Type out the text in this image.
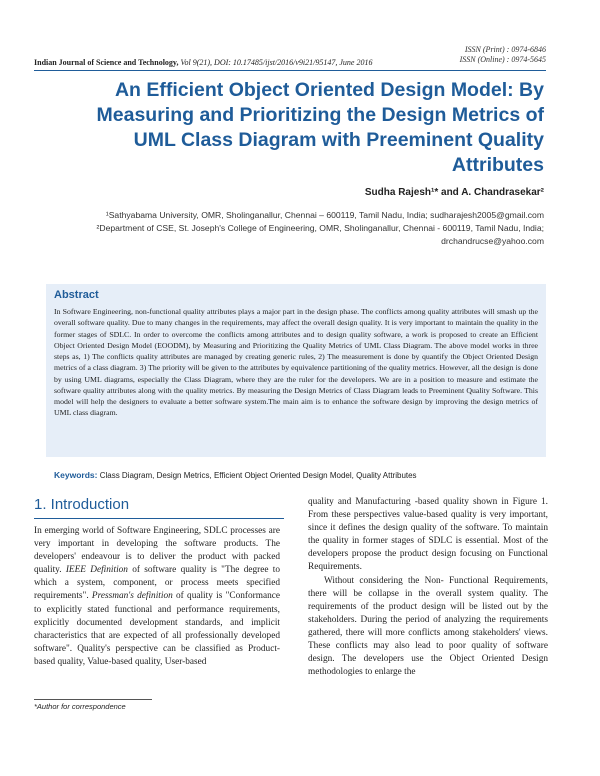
ISSN (Print) : 0974-6846
ISSN (Online) : 0974-5645
Indian Journal of Science and Technology, Vol 9(21), DOI: 10.17485/ijst/2016/v9i21/95147, June 2016
An Efficient Object Oriented Design Model: By Measuring and Prioritizing the Design Metrics of UML Class Diagram with Preeminent Quality Attributes
Sudha Rajesh¹* and A. Chandrasekar²
¹Sathyabama University, OMR, Sholinganallur, Chennai – 600119, Tamil Nadu, India; sudharajesh2005@gmail.com
²Department of CSE, St. Joseph's College of Engineering, OMR, Sholinganallur, Chennai - 600119, Tamil Nadu, India;
drchandrucse@yahoo.com
Abstract
In Software Engineering, non-functional quality attributes plays a major part in the design phase. The conflicts among quality attributes will smash up the overall software quality. Due to many changes in the requirements, may affect the overall design quality. It is very important to maintain the quality in the former stages of SDLC. In order to overcome the conflicts among attributes and to design quality software, a work is proposed to create an Efficient Object Oriented Design Model (EOODM), by Measuring and Prioritizing the Quality Metrics of UML Class Diagram. The above model works in three steps as, 1) The conflicts quality attributes are managed by creating generic rules, 2) The measurement is done by quantify the Object Oriented Design metrics of a class diagram. 3) The priority will be given to the attributes by equivalence partitioning of the quality metrics. However, all the design is done by using UML diagrams, especially the Class Diagram, where they are the ruler for the developers. We are in a position to measure and estimate the software quality attributes along with the quality metrics. By measuring the Design Metrics of Class Diagram leads to Preeminent Quality Software. This model will help the designers to evaluate a better software system.The main aim is to enhance the software design by improving the design metrics of UML class diagram.
Keywords: Class Diagram, Design Metrics, Efficient Object Oriented Design Model, Quality Attributes
1. Introduction

In emerging world of Software Engineering, SDLC processes are very important in developing the software products. The developers' endeavour is to deliver the product with packed quality. IEEE Definition of software quality is "The degree to which a system, component, or process meets specified requirements". Pressman's definition of quality is "Conformance to explicitly stated functional and performance requirements, explicitly documented development standards, and implicit characteristics that are expected of all professionally developed software". Quality's perspective can be classified as Product-based quality, Value-based quality, User-based

quality and Manufacturing -based quality shown in Figure 1. From these perspectives value-based quality is very important, since it defines the design quality of the software. To maintain the quality in former stages of SDLC is essential. Most of the developers propose the product design focusing on Functional Requirements.

Without considering the Non- Functional Requirements, there will be collapse in the overall system quality. The requirements of the product design will be listed out by the stakeholders. During the period of analyzing the requirements gathered, there will more conflicts among stakeholders' views. These conflicts may also lead to poor quality of software design. The developers use the Object Oriented Design methodologies to enlarge the

*Author for correspondence
